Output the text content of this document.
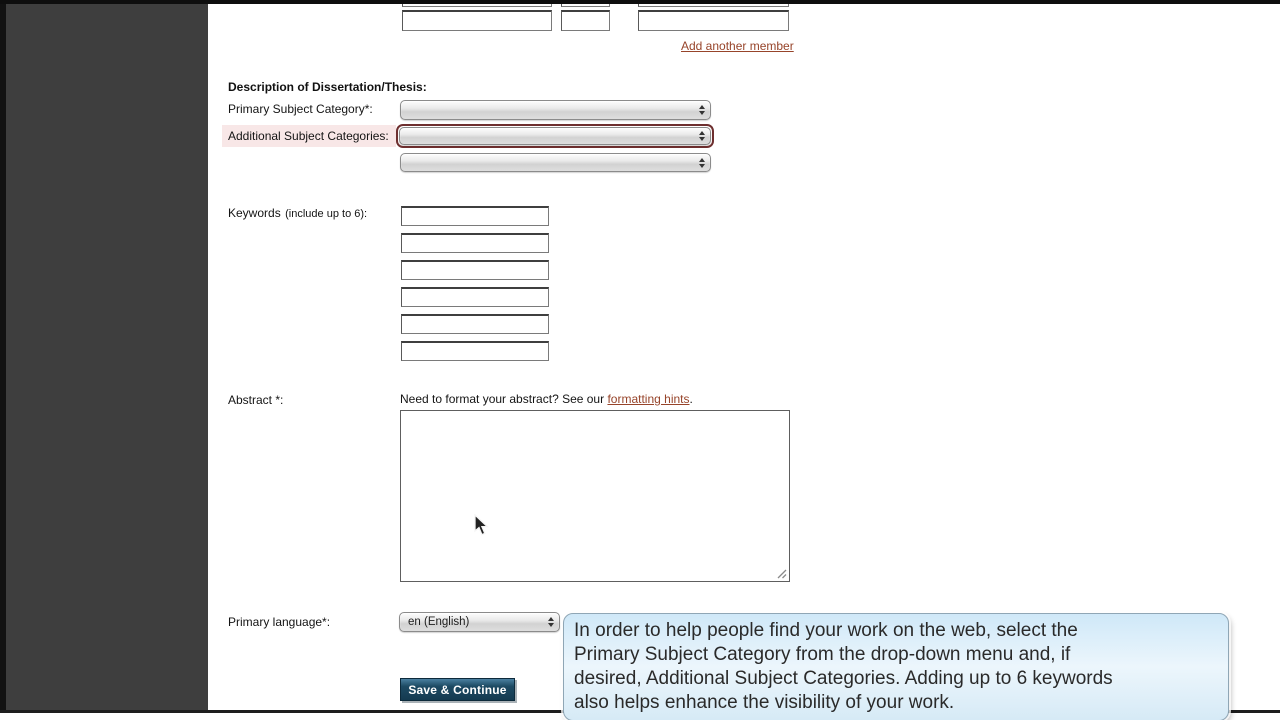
Add another member
Description of Dissertation/Thesis:
Primary Subject Category*:
Additional Subject Categories:
Keywords (include up to 6):
Abstract *:	Need to format your abstract? See our formatting hints.
Primary language*:	en (English)
Save & Continue
In order to help people find your work on the web, select the
Primary Subject Category from the drop-down menu and, if
desired, Additional Subject Categories. Adding up to 6 keywords
also helps enhance the visibility of your work.
